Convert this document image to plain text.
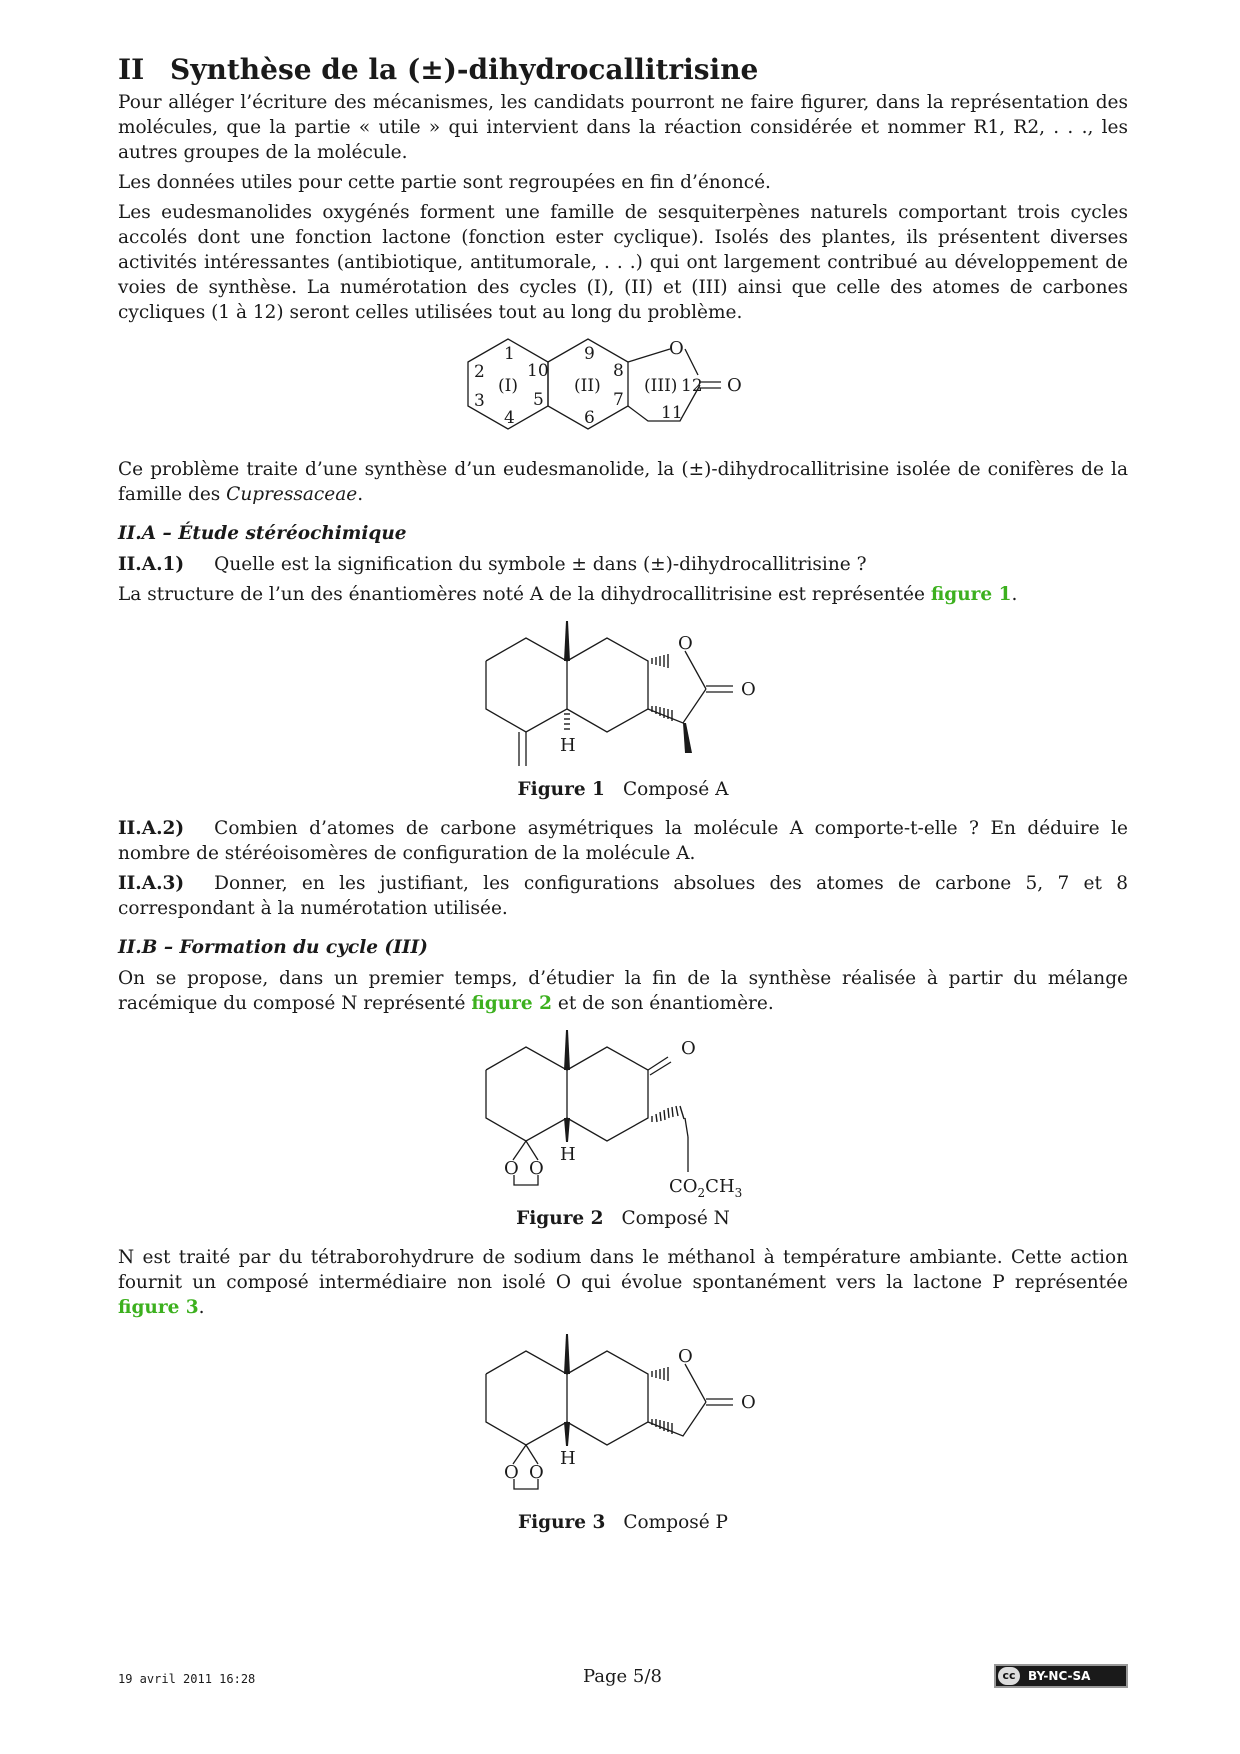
II Synthèse de la (±)-dihydrocallitrisine

Pour alléger l’écriture des mécanismes, les candidats pourront ne faire figurer, dans la représentation des molécules, que la partie « utile » qui intervient dans la réaction considérée et nommer R1, R2, . . ., les autres groupes de la molécule.

Les données utiles pour cette partie sont regroupées en fin d’énoncé.

Les eudesmanolides oxygénés forment une famille de sesquiterpènes naturels comportant trois cycles accolés dont une fonction lactone (fonction ester cyclique). Isolés des plantes, ils présentent diverses activités intéressantes (antibiotique, antitumorale, . . .) qui ont largement contribué au développement de voies de synthèse. La numérotation des cycles (I), (II) et (III) ainsi que celle des atomes de carbones cycliques (1 à 12) seront celles utilisées tout au long du problème.

O
O
1
2
3
4
5
10
9
8
7
6
(I)	(II)	(III) 12
11

Ce problème traite d’une synthèse d’un eudesmanolide, la (±)-dihydrocallitrisine isolée de conifères de la famille des Cupressaceae.

II.A – Étude stéréochimique

II.A.1) Quelle est la signification du symbole ± dans (±)-dihydrocallitrisine ?

La structure de l’un des énantiomères noté A de la dihydrocallitrisine est représentée figure 1.

O
O
H
Figure 1 Composé A

II.A.2) Combien d’atomes de carbone asymétriques la molécule A comporte-t-elle ? En déduire le nombre de stéréoisomères de configuration de la molécule A.

II.A.3) Donner, en les justifiant, les configurations absolues des atomes de carbone 5, 7 et 8 correspondant à la numérotation utilisée.

II.B – Formation du cycle (III)

On se propose, dans un premier temps, d’étudier la fin de la synthèse réalisée à partir du mélange racémique du composé N représenté figure 2 et de son énantiomère.

O
H
O O
$CO_2CH_3$
Figure 2 Composé N

N est traité par du tétraborohydrure de sodium dans le méthanol à température ambiante. Cette action fournit un composé intermédiaire non isolé O qui évolue spontanément vers la lactone P représentée figure 3.

O
O
H
O O
Figure 3 Composé P
19 avril 2011 16:28	Page 5/8	cc	BY-NC-SA
